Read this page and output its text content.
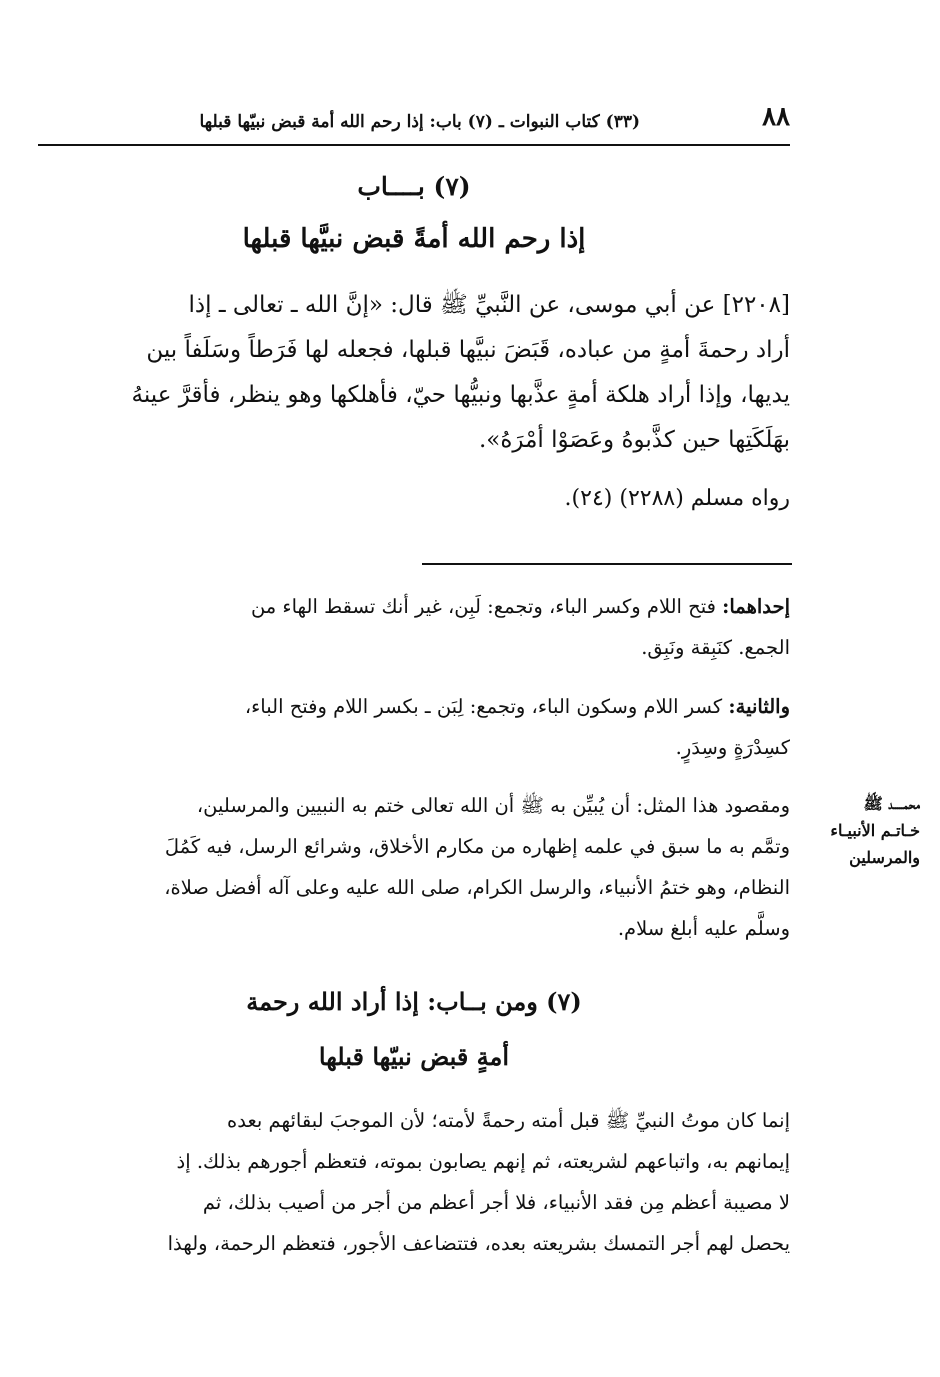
٨٨
(٣٣) كتاب النبوات ـ (٧) باب: إذا رحم الله أمة قبض نبيّها قبلها
(٧) بــــاب
إذا رحم الله أمةً قبض نبيَّها قبلها
[٢٢٠٨] عن أبي موسى، عن النَّبيِّ ﷺ قال: «إنَّ الله ـ تعالى ـ إذا
أراد رحمةَ أمةٍ من عباده، قَبَضَ نبيَّها قبلها، فجعله لها فَرَطاً وسَلَفاً بين
يديها، وإذا أراد هلكة أمةٍ عذَّبها ونبيُّها حيّ، فأهلكها وهو ينظر، فأقرَّ عينهُ
بهَلَكَتِها حين كذَّبوهُ وعَصَوْا أمْرَهُ».
رواه مسلم (٢٢٨٨) (٢٤).
إحداهما: فتح اللام وكسر الباء، وتجمع: لَبِن، غير أنك تسقط الهاء من
الجمع. كنَبِقة ونَبِق.
والثانية: كسر اللام وسكون الباء، وتجمع: لِبَن ـ بكسر اللام وفتح الباء،
كسِدْرَةٍ وسِدَرٍ.
ومقصود هذا المثل: أن يُبيِّن به ﷺ أن الله تعالى ختم به النبيين والمرسلين،
وتمَّم به ما سبق في علمه إظهاره من مكارم الأخلاق، وشرائع الرسل، فيه كَمُلَ
النظام، وهو ختمُ الأنبياء، والرسل الكرام، صلى الله عليه وعلى آله أفضل صلاة،
وسلَّم عليه أبلغ سلام.
محمـــــد ﷺ
خـاتـم الأنبيـاء
والمرسلين
(٧) ومن بــاب: إذا أراد الله رحمة
أمةٍ قبض نبيّها قبلها
إنما كان موتُ النبيِّ ﷺ قبل أمته رحمةً لأمته؛ لأن الموجبَ لبقائهم بعده
إيمانهم به، واتباعهم لشريعته، ثم إنهم يصابون بموته، فتعظم أجورهم بذلك. إذ
لا مصيبة أعظم مِن فقد الأنبياء، فلا أجر أعظم من أجر من أصيب بذلك، ثم
يحصل لهم أجر التمسك بشريعته بعده، فتتضاعف الأجور، فتعظم الرحمة، ولهذا
